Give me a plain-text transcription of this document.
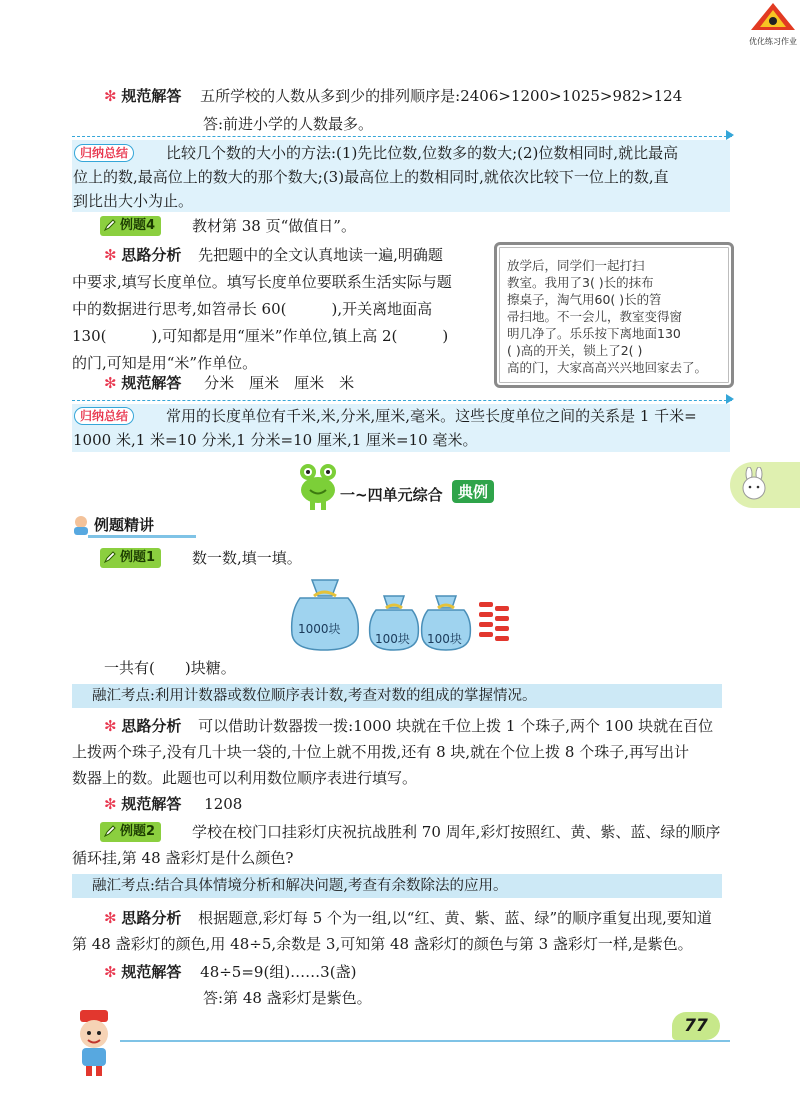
优化练习作业
✻ 规范解答 五所学校的人数从多到少的排列顺序是:2406>1200>1025>982>124
答:前进小学的人数最多。
归纳总结	比较几个数的大小的方法:(1)先比位数,位数多的数大;(2)位数相同时,就比最高
位上的数,最高位上的数大的那个数大;(3)最高位上的数相同时,就依次比较下一位上的数,直
到比出大小为止。
例题4	教材第 38 页“做值日”。
✻ 思路分析 先把题中的全文认真地读一遍,明确题
中要求,填写长度单位。填写长度单位要联系生活实际与题
中的数据进行思考,如笤帚长 60(　　　),开关离地面高
130(　　　),可知都是用“厘米”作单位,镇上高 2(　　　)
的门,可知是用“米”作单位。
✻ 规范解答 分米　厘米　厘米　米
放学后，同学们一起打扫
教室。我用了3( )长的抹布
擦桌子，淘气用60( )长的笤
帚扫地。不一会儿，教室变得窗
明几净了。乐乐按下离地面130
( )高的开关，锁上了2( )
高的门，大家高高兴兴地回家去了。
归纳总结	常用的长度单位有千米,米,分米,厘米,毫米。这些长度单位之间的关系是 1 千米=
1000 米,1 米=10 分米,1 分米=10 厘米,1 厘米=10 毫米。
一~四单元综合	典例
例题精讲
例题1	数一数,填一填。
1000块
100块 100块
一共有(　　)块糖。
融汇考点:利用计数器或数位顺序表计数,考查对数的组成的掌握情况。
✻ 思路分析 可以借助计数器拨一拨:1000 块就在千位上拨 1 个珠子,两个 100 块就在百位
上拨两个珠子,没有几十块一袋的,十位上就不用拨,还有 8 块,就在个位上拨 8 个珠子,再写出计
数器上的数。此题也可以利用数位顺序表进行填写。
✻ 规范解答 1208
例题2	学校在校门口挂彩灯庆祝抗战胜利 70 周年,彩灯按照红、黄、紫、蓝、绿的顺序
循环挂,第 48 盏彩灯是什么颜色?
融汇考点:结合具体情境分析和解决问题,考查有余数除法的应用。
✻ 思路分析 根据题意,彩灯每 5 个为一组,以“红、黄、紫、蓝、绿”的顺序重复出现,要知道
第 48 盏彩灯的颜色,用 48÷5,余数是 3,可知第 48 盏彩灯的颜色与第 3 盏彩灯一样,是紫色。
✻ 规范解答 48÷5=9(组)……3(盏)
答:第 48 盏彩灯是紫色。
77
